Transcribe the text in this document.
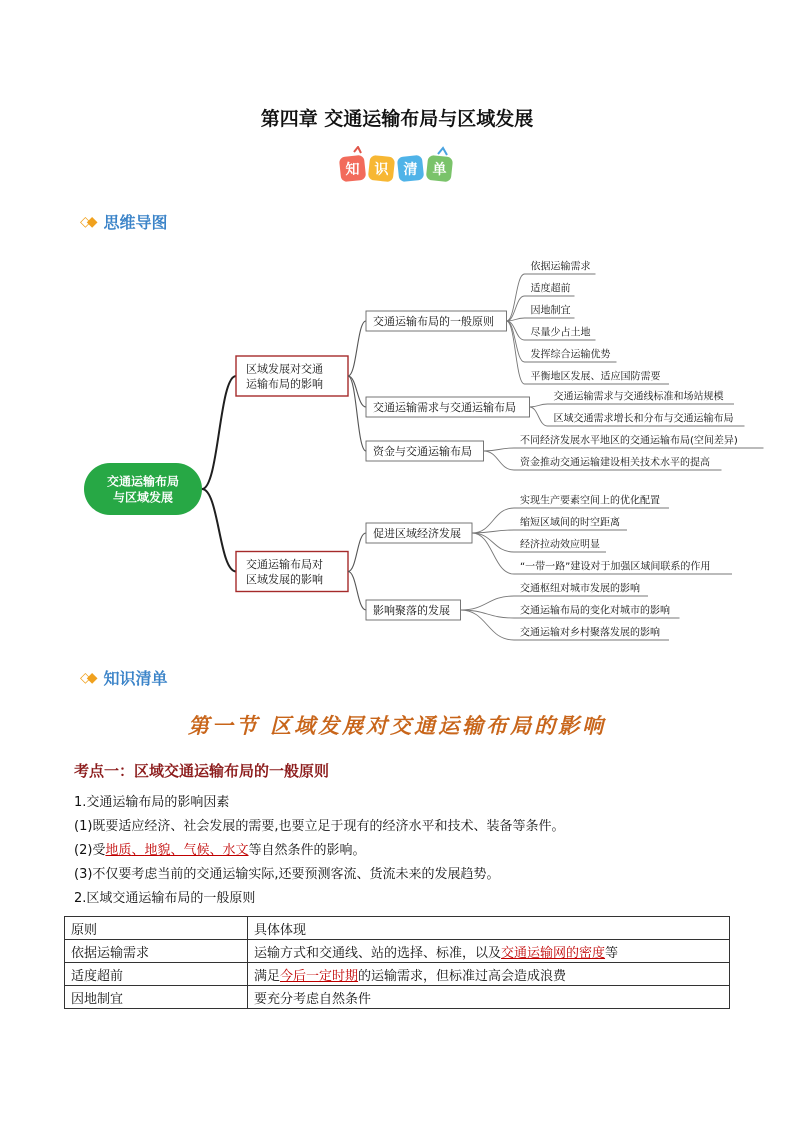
第四章 交通运输布局与区域发展
知 识 清 单
◇◆ 思维导图
交通运输布局与区域发展
区域发展对交通运输布局的影响
交通运输布局的一般原则
依据运输需求
适度超前
因地制宜
尽量少占土地
发挥综合运输优势
平衡地区发展、适应国防需要
交通运输需求与交通运输布局
交通运输需求与交通线标准和场站规模
区域交通需求增长和分布与交通运输布局
资金与交通运输布局
不同经济发展水平地区的交通运输布局(空间差异)
资金推动交通运输建设相关技术水平的提高
交通运输布局对区域发展的影响
促进区域经济发展
实现生产要素空间上的优化配置
缩短区域间的时空距离
经济拉动效应明显
“一带一路”建设对于加强区域间联系的作用
影响聚落的发展
交通枢纽对城市发展的影响
交通运输布局的变化对城市的影响
交通运输对乡村聚落发展的影响
◇◆ 知识清单
第一节 区域发展对交通运输布局的影响
考点一：区域交通运输布局的一般原则
1.交通运输布局的影响因素
(1)既要适应经济、社会发展的需要,也要立足于现有的经济水平和技术、装备等条件。
(2)受地质、地貌、气候、水文等自然条件的影响。
(3)不仅要考虑当前的交通运输实际,还要预测客流、货流未来的发展趋势。
2.区域交通运输布局的一般原则
原则	具体体现
依据运输需求	运输方式和交通线、站的选择、标准，以及交通运输网的密度等
适度超前	满足今后一定时期的运输需求，但标准过高会造成浪费
因地制宜	要充分考虑自然条件
